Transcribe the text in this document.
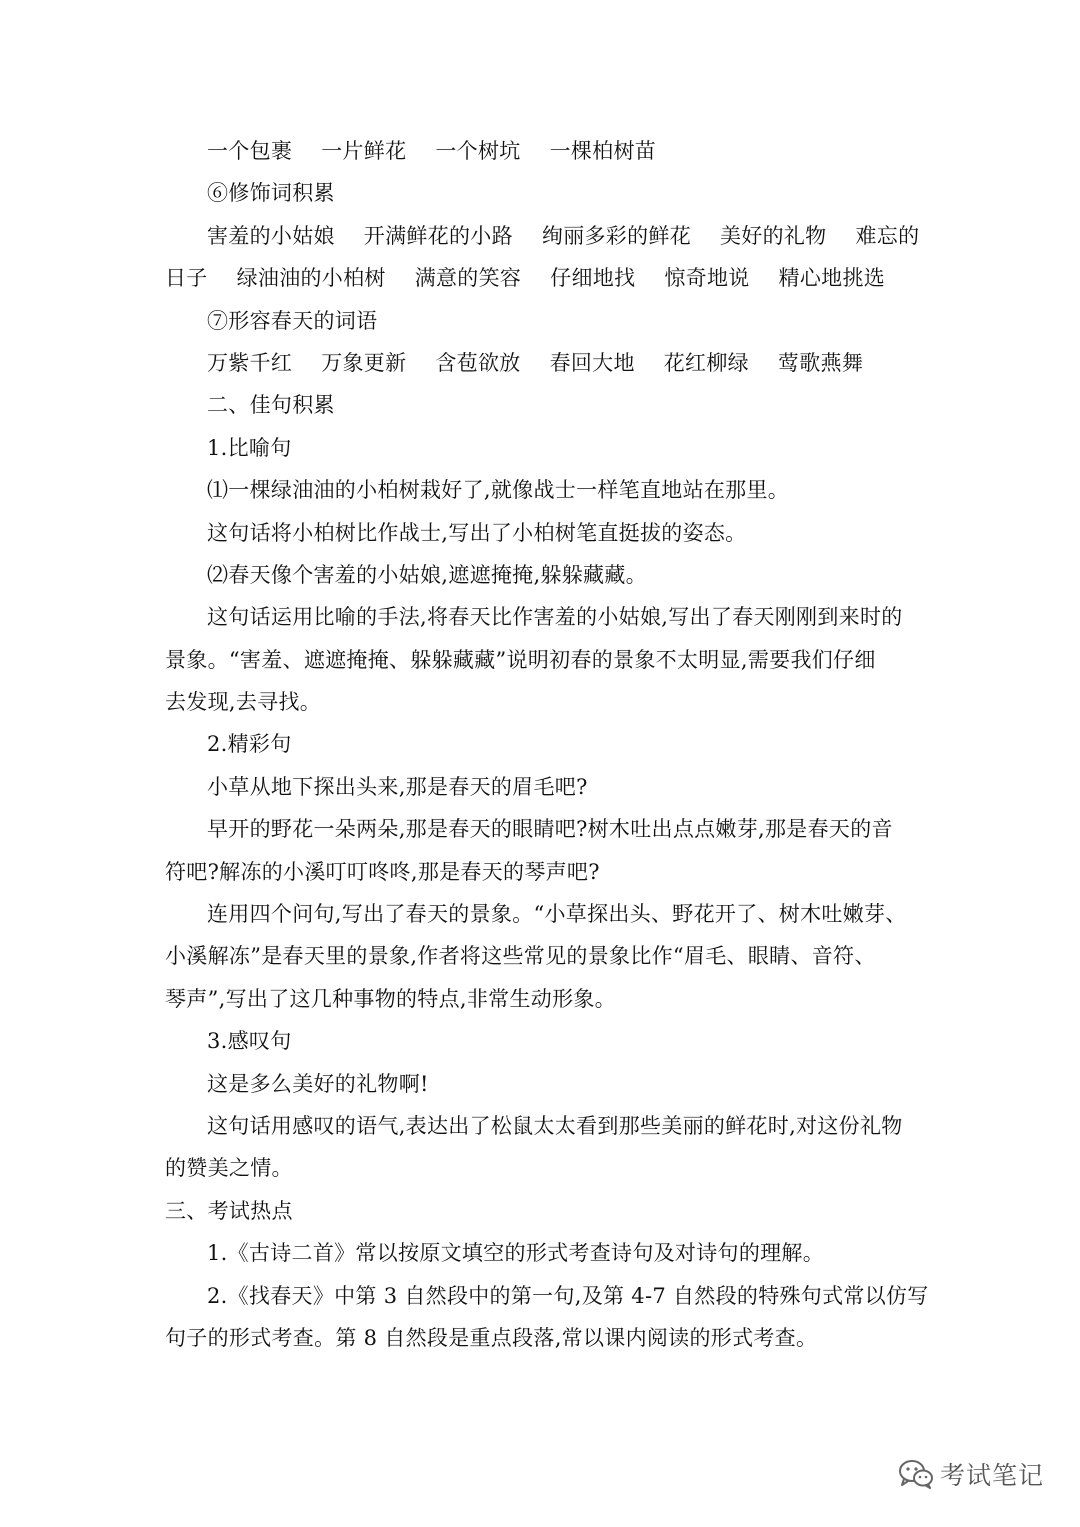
一个包裹 一片鲜花 一个树坑 一棵柏树苗
⑥修饰词积累
害羞的小姑娘 开满鲜花的小路 绚丽多彩的鲜花 美好的礼物 难忘的
日子 绿油油的小柏树 满意的笑容 仔细地找 惊奇地说 精心地挑选
⑦形容春天的词语
万紫千红 万象更新 含苞欲放 春回大地 花红柳绿 莺歌燕舞
二、佳句积累
1.比喻句
⑴一棵绿油油的小柏树栽好了,就像战士一样笔直地站在那里。
这句话将小柏树比作战士,写出了小柏树笔直挺拔的姿态。
⑵春天像个害羞的小姑娘,遮遮掩掩,躲躲藏藏。
这句话运用比喻的手法,将春天比作害羞的小姑娘,写出了春天刚刚到来时的
景象。“害羞、遮遮掩掩、躲躲藏藏”说明初春的景象不太明显,需要我们仔细
去发现,去寻找。
2.精彩句
小草从地下探出头来,那是春天的眉毛吧?
早开的野花一朵两朵,那是春天的眼睛吧?树木吐出点点嫩芽,那是春天的音
符吧?解冻的小溪叮叮咚咚,那是春天的琴声吧?
连用四个问句,写出了春天的景象。“小草探出头、野花开了、树木吐嫩芽、
小溪解冻”是春天里的景象,作者将这些常见的景象比作“眉毛、眼睛、音符、
琴声”,写出了这几种事物的特点,非常生动形象。
3.感叹句
这是多么美好的礼物啊!
这句话用感叹的语气,表达出了松鼠太太看到那些美丽的鲜花时,对这份礼物
的赞美之情。
三、考试热点
1.《古诗二首》常以按原文填空的形式考查诗句及对诗句的理解。
2.《找春天》中第 3 自然段中的第一句,及第 4-7 自然段的特殊句式常以仿写
句子的形式考查。第 8 自然段是重点段落,常以课内阅读的形式考查。
考试笔记
